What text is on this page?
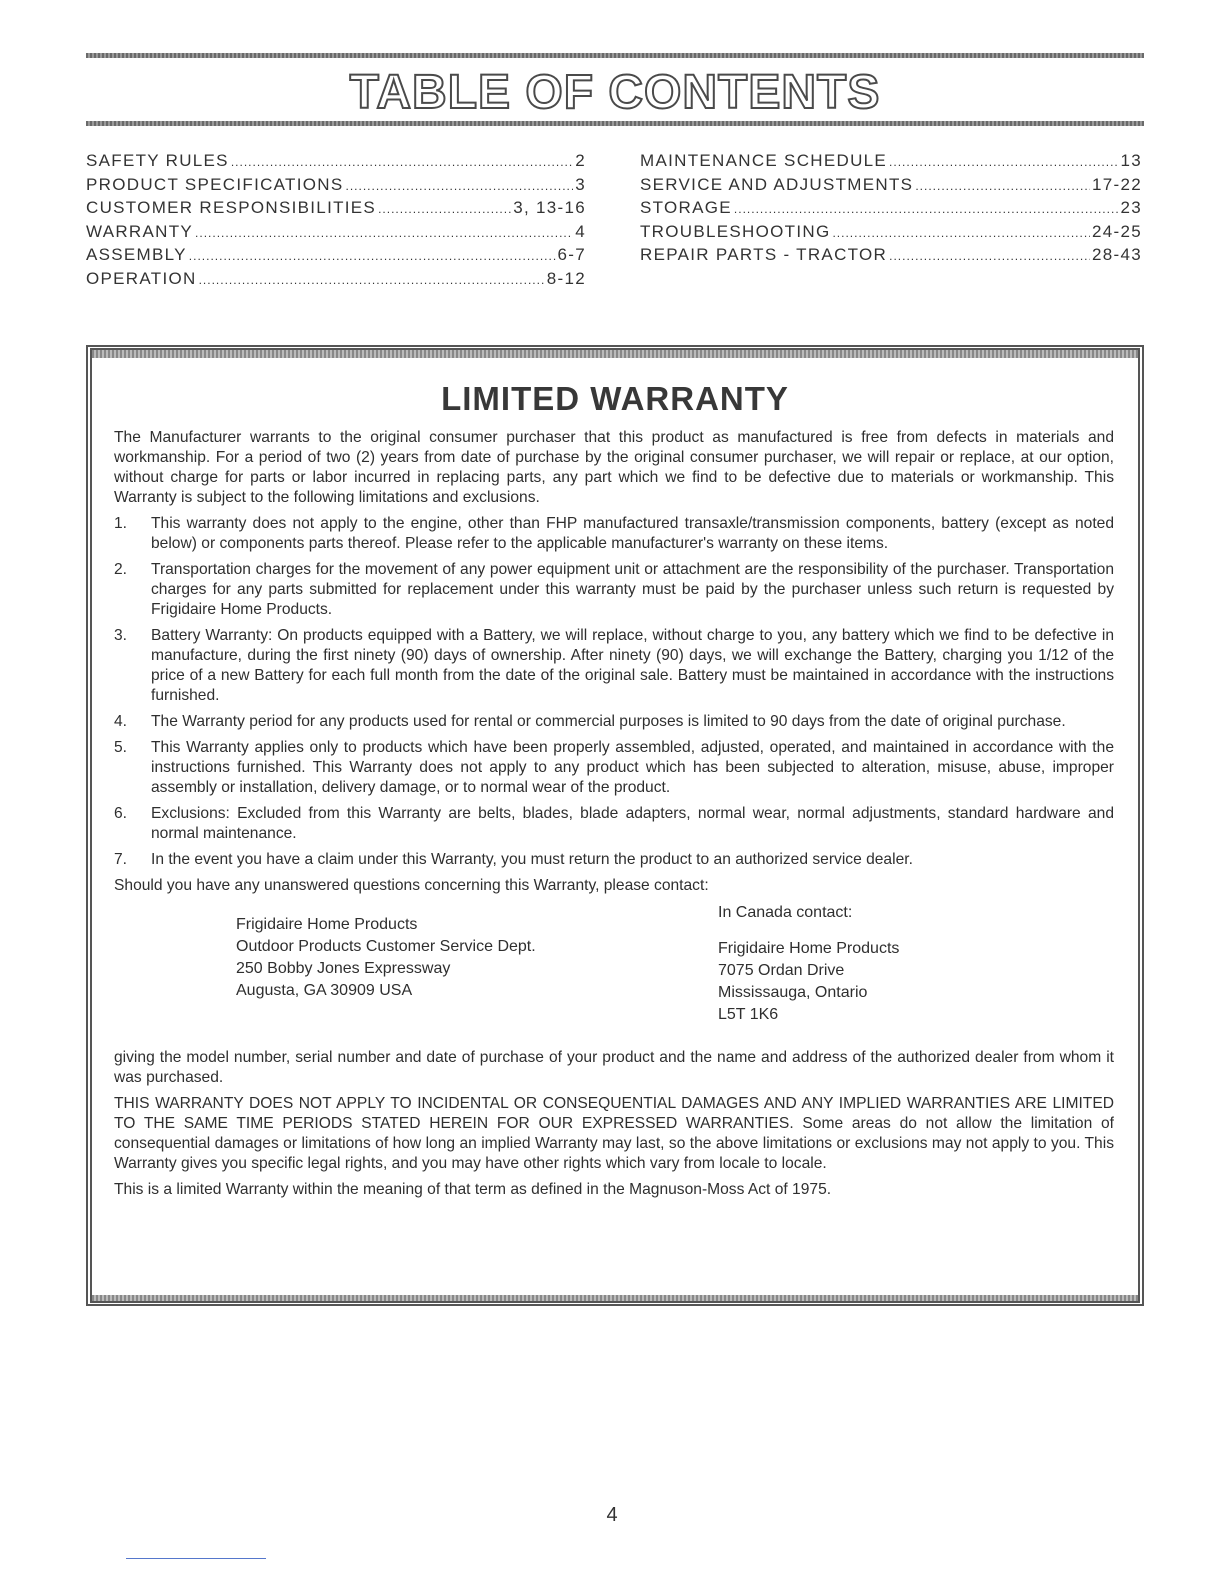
TABLE OF CONTENTS
SAFETY RULES .....	2
PRODUCT SPECIFICATIONS .....	3
CUSTOMER RESPONSIBILITIES .....	3, 13-16
WARRANTY .....	4
ASSEMBLY .....	6-7
OPERATION .....	8-12
MAINTENANCE SCHEDULE .....	13
SERVICE AND ADJUSTMENTS .....	17-22
STORAGE .....	23
TROUBLESHOOTING .....	24-25
REPAIR PARTS - TRACTOR .....	28-43
LIMITED WARRANTY

The Manufacturer warrants to the original consumer purchaser that this product as manufactured is free from defects in materials and workmanship. For a period of two (2) years from date of purchase by the original consumer purchaser, we will repair or replace, at our option, without charge for parts or labor incurred in replacing parts, any part which we find to be defective due to materials or workmanship. This Warranty is subject to the following limitations and exclusions.

1.	This warranty does not apply to the engine, other than FHP manufactured transaxle/transmission components, battery (except as noted below) or components parts thereof. Please refer to the applicable manufacturer's warranty on these items.
2.	Transportation charges for the movement of any power equipment unit or attachment are the responsibility of the purchaser. Transportation charges for any parts submitted for replacement under this warranty must be paid by the purchaser unless such return is requested by Frigidaire Home Products.
3.	Battery Warranty: On products equipped with a Battery, we will replace, without charge to you, any battery which we find to be defective in manufacture, during the first ninety (90) days of ownership. After ninety (90) days, we will exchange the Battery, charging you 1/12 of the price of a new Battery for each full month from the date of the original sale. Battery must be maintained in accordance with the instructions furnished.
4.	The Warranty period for any products used for rental or commercial purposes is limited to 90 days from the date of original purchase.
5.	This Warranty applies only to products which have been properly assembled, adjusted, operated, and maintained in accordance with the instructions furnished. This Warranty does not apply to any product which has been subjected to alteration, misuse, abuse, improper assembly or installation, delivery damage, or to normal wear of the product.
6.	Exclusions: Excluded from this Warranty are belts, blades, blade adapters, normal wear, normal adjustments, standard hardware and normal maintenance.
7.	In the event you have a claim under this Warranty, you must return the product to an authorized service dealer.

Should you have any unanswered questions concerning this Warranty, please contact:

Frigidaire Home Products
Outdoor Products Customer Service Dept.
250 Bobby Jones Expressway
Augusta, GA 30909 USA
In Canada contact:
Frigidaire Home Products
7075 Ordan Drive
Mississauga, Ontario
L5T 1K6

giving the model number, serial number and date of purchase of your product and the name and address of the authorized dealer from whom it was purchased.

THIS WARRANTY DOES NOT APPLY TO INCIDENTAL OR CONSEQUENTIAL DAMAGES AND ANY IMPLIED WARRANTIES ARE LIMITED TO THE SAME TIME PERIODS STATED HEREIN FOR OUR EXPRESSED WARRANTIES. Some areas do not allow the limitation of consequential damages or limitations of how long an implied Warranty may last, so the above limitations or exclusions may not apply to you. This Warranty gives you specific legal rights, and you may have other rights which vary from locale to locale.

This is a limited Warranty within the meaning of that term as defined in the Magnuson-Moss Act of 1975.

4
